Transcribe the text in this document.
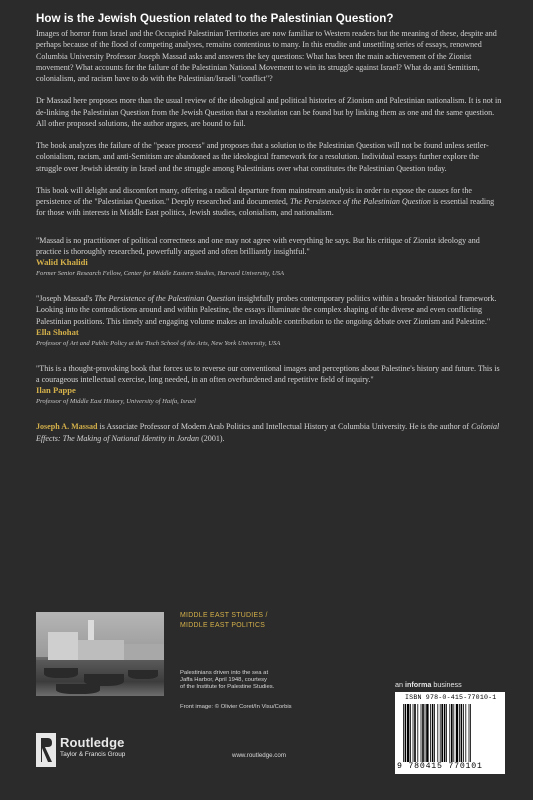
How is the Jewish Question related to the Palestinian Question?

Images of horror from Israel and the Occupied Palestinian Territories are now familiar to Western readers but the meaning of these, despite and perhaps because of the flood of competing analyses, remains contentious to many. In this erudite and unsettling series of essays, renowned Columbia University Professor Joseph Massad asks and answers the key questions: What has been the main achievement of the Zionist movement? What accounts for the failure of the Palestinian National Movement to win its struggle against Israel? What do anti Semitism, colonialism, and racism have to do with the Palestinian/Israeli "conflict"?

Dr Massad here proposes more than the usual review of the ideological and political histories of Zionism and Palestinian nationalism. It is not in de-linking the Palestinian Question from the Jewish Question that a resolution can be found but by linking them as one and the same question. All other proposed solutions, the author argues, are bound to fail.

The book analyzes the failure of the "peace process" and proposes that a solution to the Palestinian Question will not be found unless settler-colonialism, racism, and anti-Semitism are abandoned as the ideological framework for a resolution. Individual essays further explore the struggle over Jewish identity in Israel and the struggle among Palestinians over what constitutes the Palestinian Question today.

This book will delight and discomfort many, offering a radical departure from mainstream analysis in order to expose the causes for the persistence of the "Palestinian Question." Deeply researched and documented, The Persistence of the Palestinian Question is essential reading for those with interests in Middle East politics, Jewish studies, colonialism, and nationalism.

"Massad is no practitioner of political correctness and one may not agree with everything he says. But his critique of Zionist ideology and practice is thoroughly researched, powerfully argued and often brilliantly insightful."

Walid Khalidi
Former Senior Research Fellow, Center for Middle Eastern Studies, Harvard University, USA

"Joseph Massad's The Persistence of the Palestinian Question insightfully probes contemporary politics within a broader historical framework. Looking into the contradictions around and within Palestine, the essays illuminate the complex shaping of the diverse and even conflicting Palestinian positions. This timely and engaging volume makes an invaluable contribution to the ongoing debate over Zionism and Palestine."

Ella Shohat
Professor of Art and Public Policy at the Tisch School of the Arts, New York University, USA

"This is a thought-provoking book that forces us to reverse our conventional images and perceptions about Palestine's history and future. This is a courageous intellectual exercise, long needed, in an often overburdened and repetitive field of inquiry."

Ilan Pappe
Professor of Middle East History, University of Haifa, Israel

Joseph A. Massad is Associate Professor of Modern Arab Politics and Intellectual History at Columbia University. He is the author of Colonial Effects: The Making of National Identity in Jordan (2001).

MIDDLE EAST STUDIES /
MIDDLE EAST POLITICS
Palestinians driven into the sea at
Jaffa Harbor, April 1948, courtesy
of the Institute for Palestine Studies.
Front image: © Olivier Coret/In Visu/Corbis
an informa business
ISBN 978-0-415-77010-1
9 780415 770101
Routledge
Taylor & Francis Group	www.routledge.com
